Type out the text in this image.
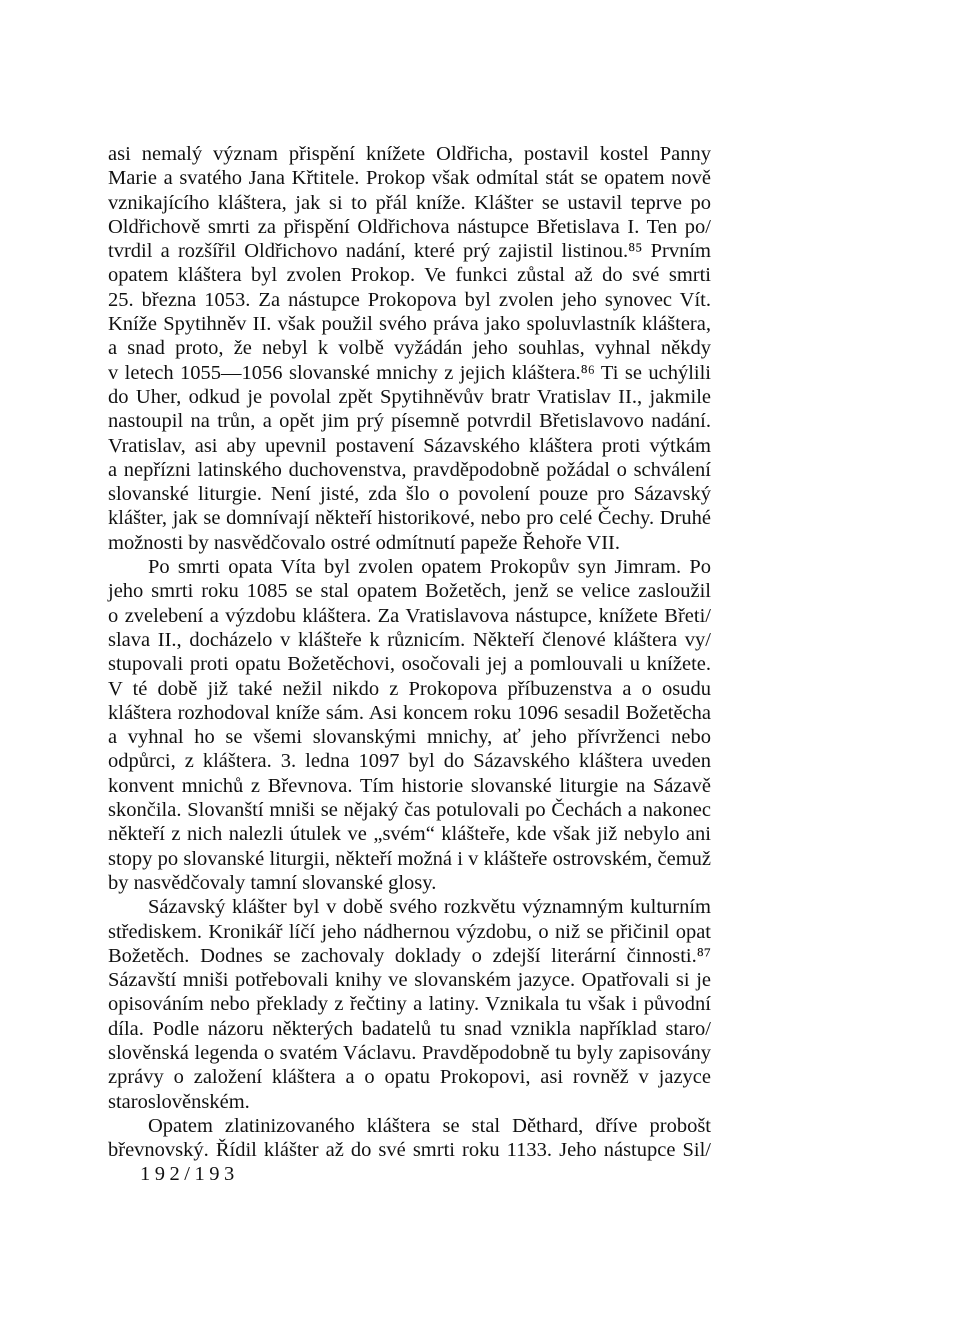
asi nemalý význam přispění knížete Oldřicha, postavil kostel Panny
Marie a svatého Jana Křtitele. Prokop však odmítal stát se opatem nově
vznikajícího kláštera, jak si to přál kníže. Klášter se ustavil teprve po
Oldřichově smrti za přispění Oldřichova nástupce Břetislava I. Ten po/
tvrdil a rozšířil Oldřichovo nadání, které prý zajistil listinou.⁸⁵ Prvním
opatem kláštera byl zvolen Prokop. Ve funkci zůstal až do své smrti
25. března 1053. Za nástupce Prokopova byl zvolen jeho synovec Vít.
Kníže Spytihněv II. však použil svého práva jako spoluvlastník kláštera,
a snad proto, že nebyl k volbě vyžádán jeho souhlas, vyhnal někdy
v letech 1055—1056 slovanské mnichy z jejich kláštera.⁸⁶ Ti se uchýlili
do Uher, odkud je povolal zpět Spytihněvův bratr Vratislav II., jakmile
nastoupil na trůn, a opět jim prý písemně potvrdil Břetislavovo nadání.
Vratislav, asi aby upevnil postavení Sázavského kláštera proti výtkám
a nepřízni latinského duchovenstva, pravděpodobně požádal o schválení
slovanské liturgie. Není jisté, zda šlo o povolení pouze pro Sázavský
klášter, jak se domnívají někteří historikové, nebo pro celé Čechy. Druhé
možnosti by nasvědčovalo ostré odmítnutí papeže Řehoře VII.
Po smrti opata Víta byl zvolen opatem Prokopův syn Jimram. Po
jeho smrti roku 1085 se stal opatem Božetěch, jenž se velice zasloužil
o zvelebení a výzdobu kláštera. Za Vratislavova nástupce, knížete Břeti/
slava II., docházelo v klášteře k různicím. Někteří členové kláštera vy/
stupovali proti opatu Božetěchovi, osočovali jej a pomlouvali u knížete.
V té době již také nežil nikdo z Prokopova příbuzenstva a o osudu
kláštera rozhodoval kníže sám. Asi koncem roku 1096 sesadil Božetěcha
a vyhnal ho se všemi slovanskými mnichy, ať jeho přívrženci nebo
odpůrci, z kláštera. 3. ledna 1097 byl do Sázavského kláštera uveden
konvent mnichů z Břevnova. Tím historie slovanské liturgie na Sázavě
skončila. Slovanští mniši se nějaký čas potulovali po Čechách a nakonec
někteří z nich nalezli útulek ve „svém“ klášteře, kde však již nebylo ani
stopy po slovanské liturgii, někteří možná i v klášteře ostrovském, čemuž
by nasvědčovaly tamní slovanské glosy.
Sázavský klášter byl v době svého rozkvětu významným kulturním
střediskem. Kronikář líčí jeho nádhernou výzdobu, o niž se přičinil opat
Božetěch. Dodnes se zachovaly doklady o zdejší literární činnosti.⁸⁷
Sázavští mniši potřebovali knihy ve slovanském jazyce. Opatřovali si je
opisováním nebo překlady z řečtiny a latiny. Vznikala tu však i původní
díla. Podle názoru některých badatelů tu snad vznikla například staro/
slověnská legenda o svatém Václavu. Pravděpodobně tu byly zapisovány
zprávy o založení kláštera a o opatu Prokopovi, asi rovněž v jazyce
staroslověnském.
Opatem zlatinizovaného kláštera se stal Děthard, dříve probošt
břevnovský. Řídil klášter až do své smrti roku 1133. Jeho nástupce Sil/
192/193
